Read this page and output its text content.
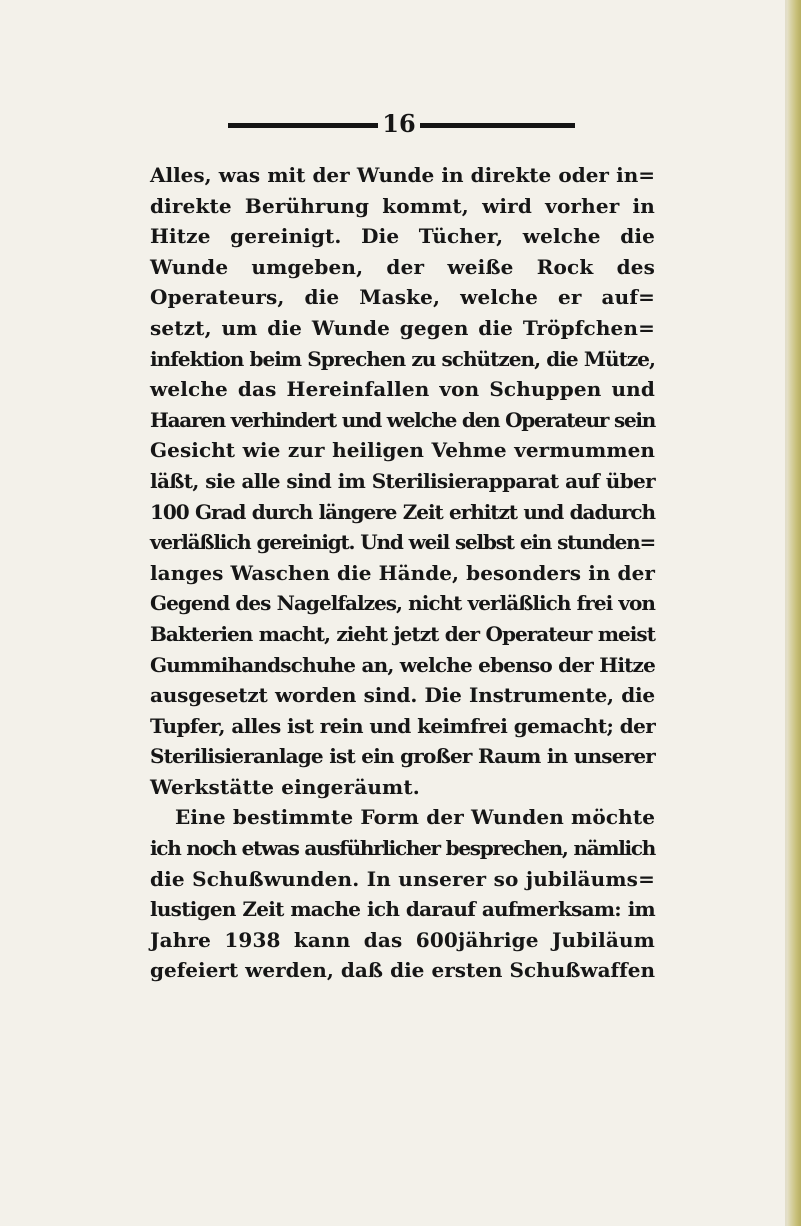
16
Alles, was mit der Wunde in direkte oder in=
direkte Berührung kommt, wird vorher in
Hitze gereinigt. Die Tücher, welche die
Wunde umgeben, der weiße Rock des
Operateurs, die Maske, welche er auf=
setzt, um die Wunde gegen die Tröpfchen=
infektion beim Sprechen zu schützen, die Mütze,
welche das Hereinfallen von Schuppen und
Haaren verhindert und welche den Operateur sein
Gesicht wie zur heiligen Vehme vermummen
läßt, sie alle sind im Sterilisierapparat auf über
100 Grad durch längere Zeit erhitzt und dadurch
verläßlich gereinigt. Und weil selbst ein stunden=
langes Waschen die Hände, besonders in der
Gegend des Nagelfalzes, nicht verläßlich frei von
Bakterien macht, zieht jetzt der Operateur meist
Gummihandschuhe an, welche ebenso der Hitze
ausgesetzt worden sind. Die Instrumente, die
Tupfer, alles ist rein und keimfrei gemacht; der
Sterilisieranlage ist ein großer Raum in unserer
Werkstätte eingeräumt.
Eine bestimmte Form der Wunden möchte
ich noch etwas ausführlicher besprechen, nämlich
die Schußwunden. In unserer so jubiläums=
lustigen Zeit mache ich darauf aufmerksam: im
Jahre 1938 kann das 600jährige Jubiläum
gefeiert werden, daß die ersten Schußwaffen
